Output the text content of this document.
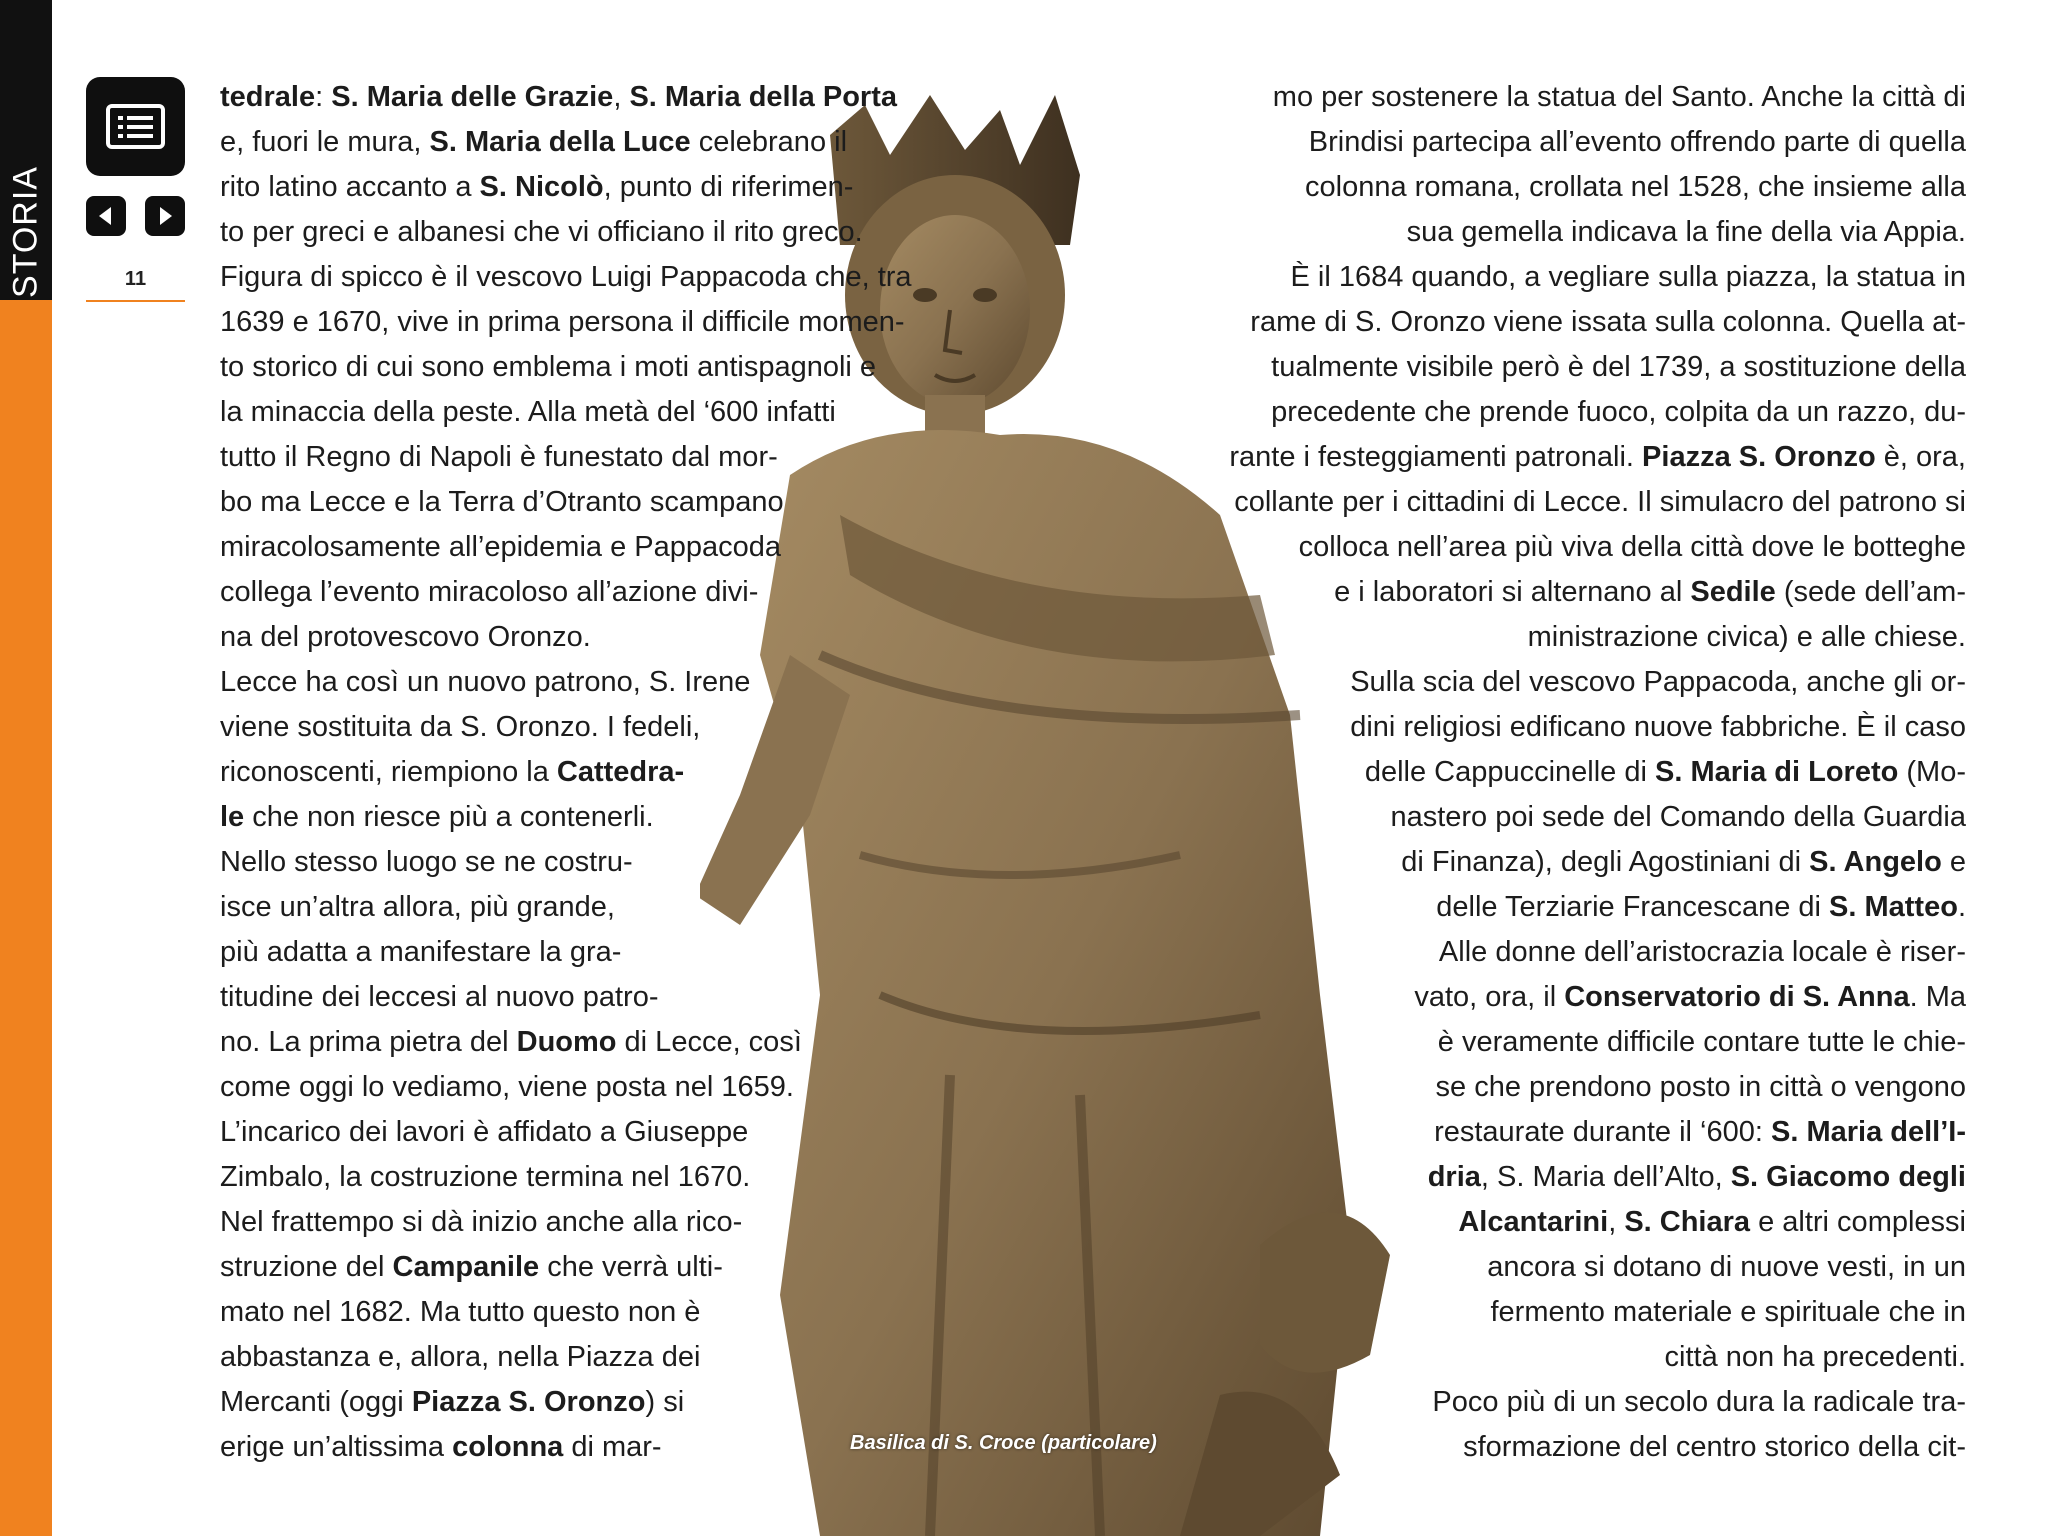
STORIA	11
Basilica di S. Croce (particolare)
tedrale: S. Maria delle Grazie, S. Maria della Porta
e, fuori le mura, S. Maria della Luce celebrano il
rito latino accanto a S. Nicolò, punto di riferimen-
to per greci e albanesi che vi officiano il rito greco.
Figura di spicco è il vescovo Luigi Pappacoda che, tra
1639 e 1670, vive in prima persona il difficile momen-
to storico di cui sono emblema i moti antispagnoli e
la minaccia della peste. Alla metà del ‘600 infatti
tutto il Regno di Napoli è funestato dal mor-
bo ma Lecce e la Terra d’Otranto scampano
miracolosamente all’epidemia e Pappacoda
collega l’evento miracoloso all’azione divi-
na del protovescovo Oronzo.
Lecce ha così un nuovo patrono, S. Irene
viene sostituita da S. Oronzo. I fedeli,
riconoscenti, riempiono la Cattedra-
le che non riesce più a contenerli.
Nello stesso luogo se ne costru-
isce un’altra allora, più grande,
più adatta a manifestare la gra-
titudine dei leccesi al nuovo patro-
no. La prima pietra del Duomo di Lecce, così
come oggi lo vediamo, viene posta nel 1659.
L’incarico dei lavori è affidato a Giuseppe
Zimbalo, la costruzione termina nel 1670.
Nel frattempo si dà inizio anche alla rico-
struzione del Campanile che verrà ulti-
mato nel 1682. Ma tutto questo non è
abbastanza e, allora, nella Piazza dei
Mercanti (oggi Piazza S. Oronzo) si
erige un’altissima colonna di mar-
mo per sostenere la statua del Santo. Anche la città di
Brindisi partecipa all’evento offrendo parte di quella
colonna romana, crollata nel 1528, che insieme alla
sua gemella indicava la fine della via Appia.
È il 1684 quando, a vegliare sulla piazza, la statua in
rame di S. Oronzo viene issata sulla colonna. Quella at-
tualmente visibile però è del 1739, a sostituzione della
precedente che prende fuoco, colpita da un razzo, du-
rante i festeggiamenti patronali. Piazza S. Oronzo è, ora,
collante per i cittadini di Lecce. Il simulacro del patrono si
colloca nell’area più viva della città dove le botteghe
e i laboratori si alternano al Sedile (sede dell’am-
ministrazione civica) e alle chiese.
Sulla scia del vescovo Pappacoda, anche gli or-
dini religiosi edificano nuove fabbriche. È il caso
delle Cappuccinelle di S. Maria di Loreto (Mo-
nastero poi sede del Comando della Guardia
di Finanza), degli Agostiniani di S. Angelo e
delle Terziarie Francescane di S. Matteo.
Alle donne dell’aristocrazia locale è riser-
vato, ora, il Conservatorio di S. Anna. Ma
è veramente difficile contare tutte le chie-
se che prendono posto in città o vengono
restaurate durante il ‘600: S. Maria dell’I-
dria, S. Maria dell’Alto, S. Giacomo degli
Alcantarini, S. Chiara e altri complessi
ancora si dotano di nuove vesti, in un
fermento materiale e spirituale che in
città non ha precedenti.
Poco più di un secolo dura la radicale tra-
sformazione del centro storico della cit-
